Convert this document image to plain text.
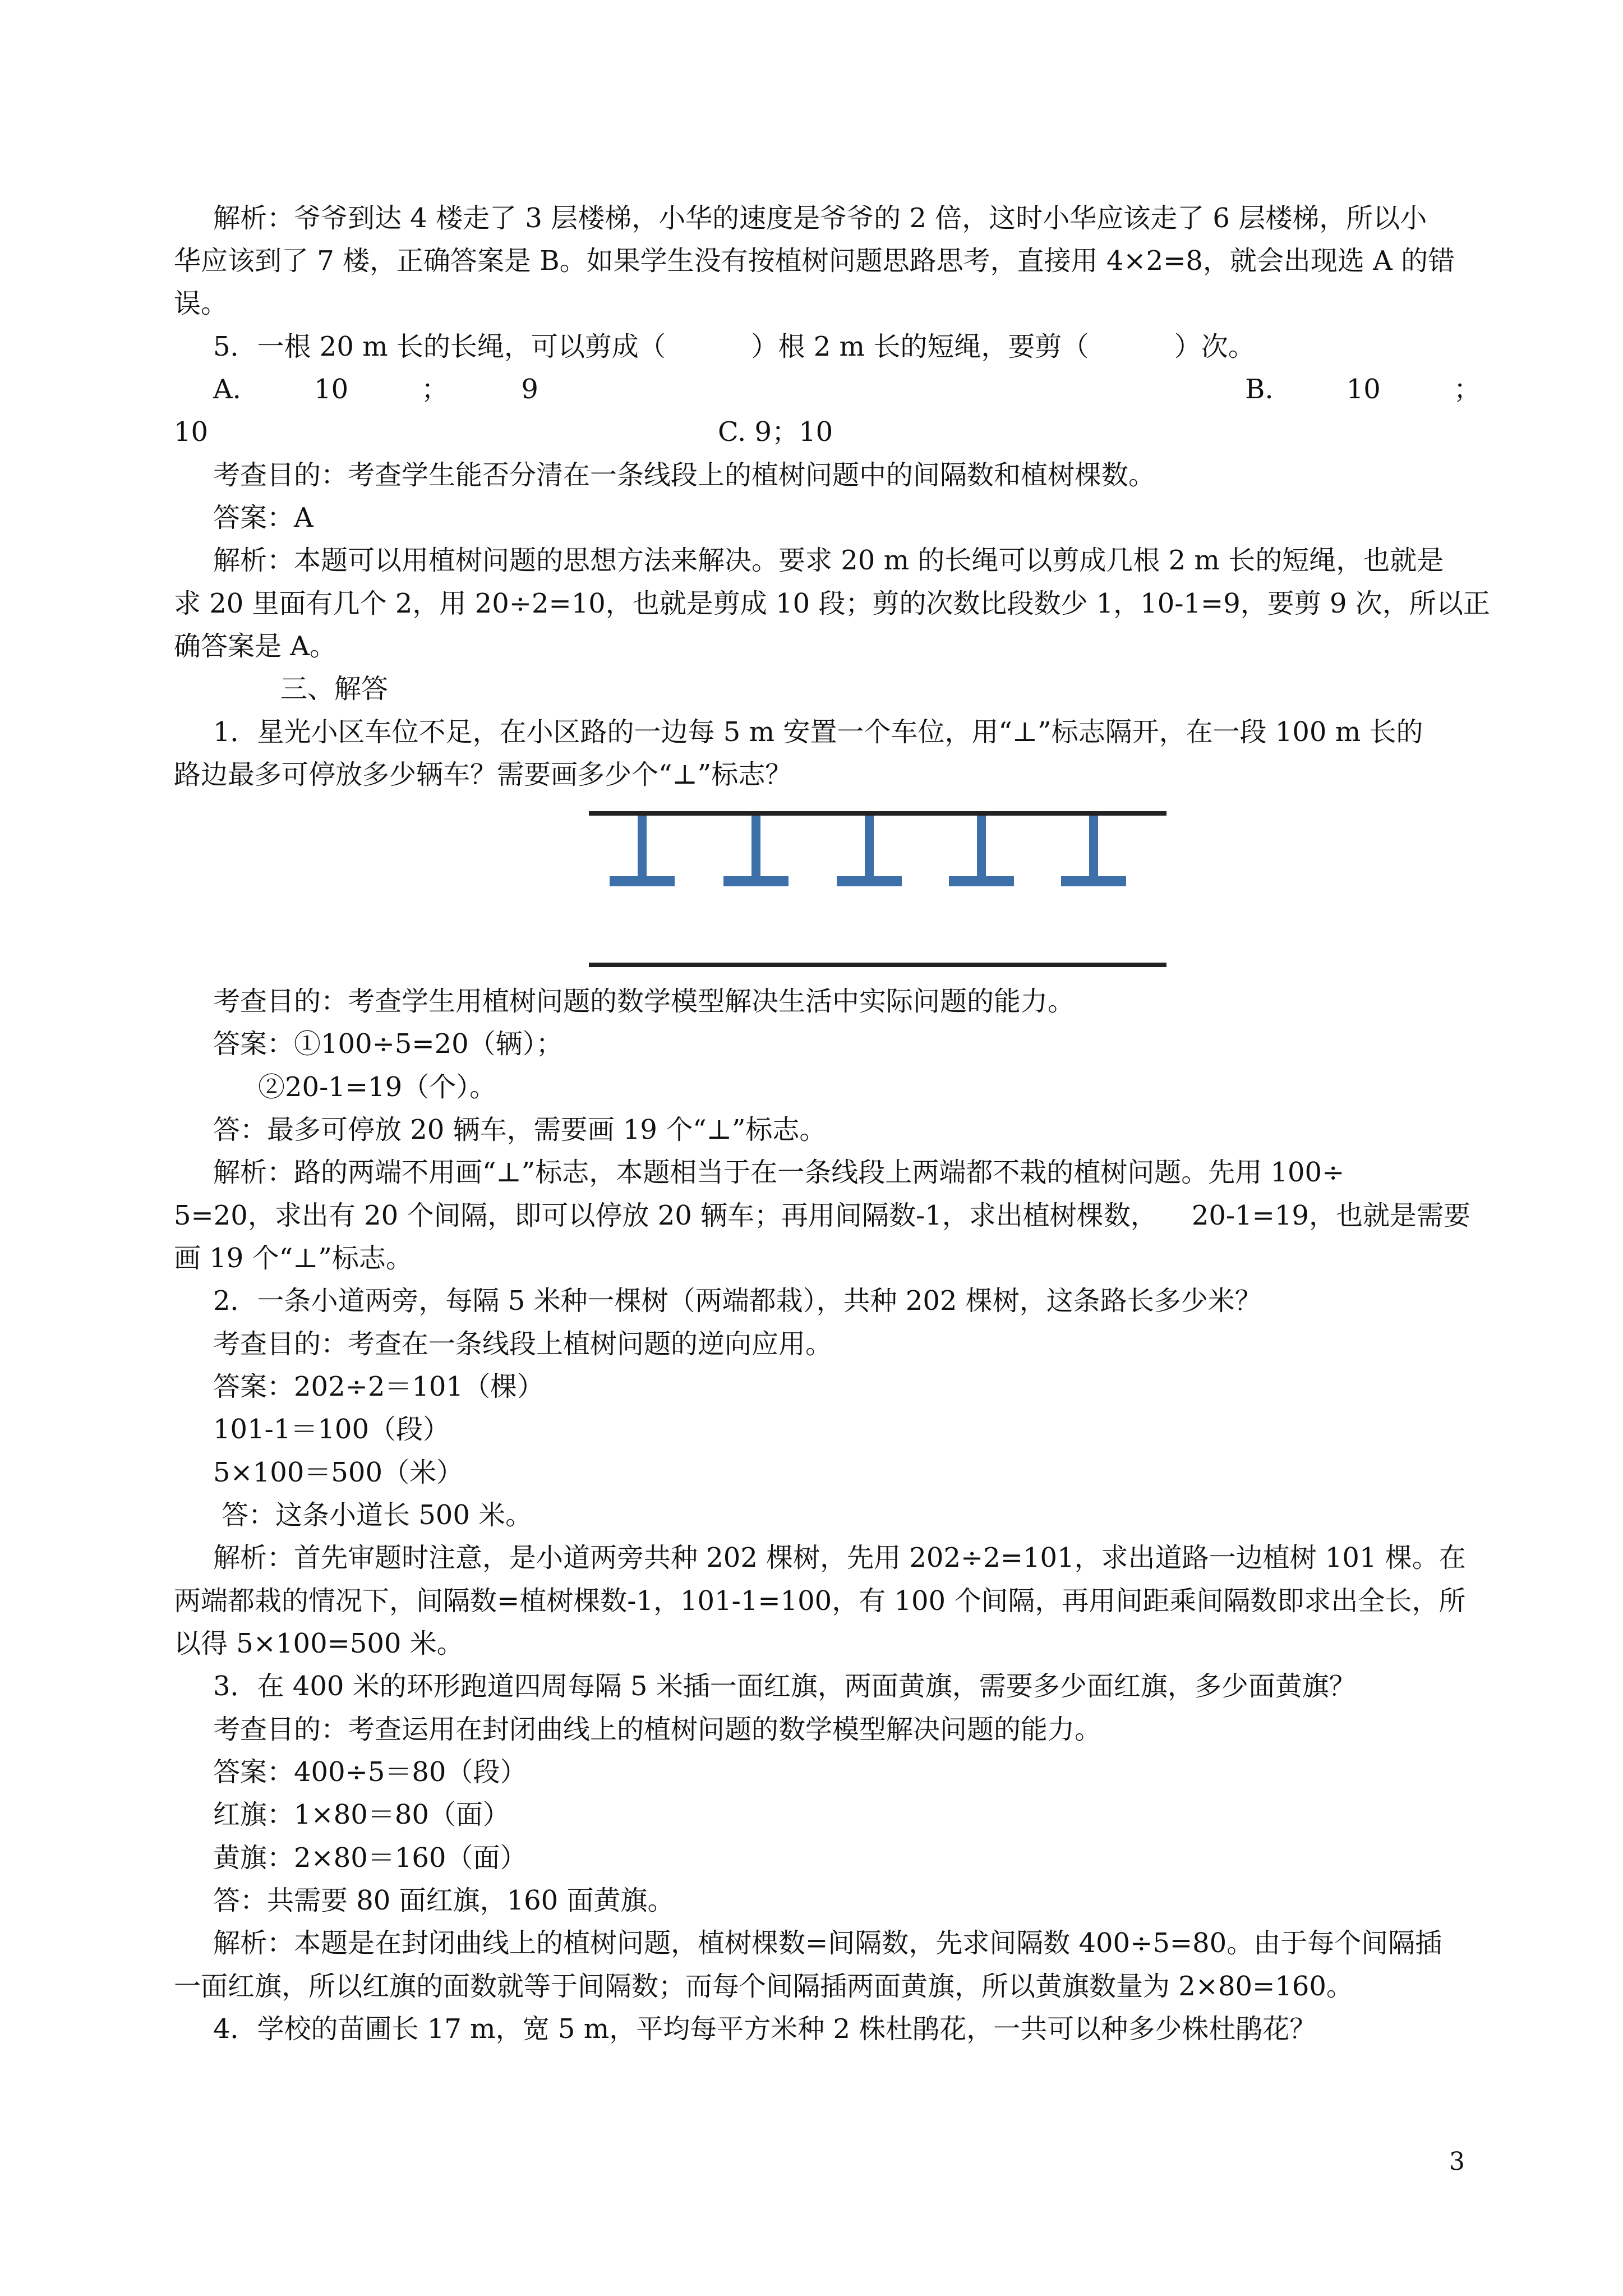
解析：爷爷到达 4 楼走了 3 层楼梯，小华的速度是爷爷的 2 倍，这时小华应该走了 6 层楼梯，所以小
华应该到了 7 楼，正确答案是 B。如果学生没有按植树问题思路思考，直接用 4×2=8，就会出现选 A 的错
误。
5．一根 20 m 长的长绳，可以剪成（          ）根 2 m 长的短绳，要剪（          ）次。
A.	10	；	9	B.	10	；
10	C. 9；10
考查目的：考查学生能否分清在一条线段上的植树问题中的间隔数和植树棵数。
答案：A
解析：本题可以用植树问题的思想方法来解决。要求 20 m 的长绳可以剪成几根 2 m 长的短绳，也就是
求 20 里面有几个 2，用 20÷2=10，也就是剪成 10 段；剪的次数比段数少 1，10-1=9，要剪 9 次，所以正
确答案是 A。
三、解答
1．星光小区车位不足，在小区路的一边每 5 m 安置一个车位，用“⊥”标志隔开，在一段 100 m 长的
路边最多可停放多少辆车？需要画多少个“⊥”标志？
考查目的：考查学生用植树问题的数学模型解决生活中实际问题的能力。
答案：①100÷5=20（辆）；
②20-1=19（个）。
答：最多可停放 20 辆车，需要画 19 个“⊥”标志。
解析：路的两端不用画“⊥”标志，本题相当于在一条线段上两端都不栽的植树问题。先用 100÷
5=20，求出有 20 个间隔，即可以停放 20 辆车；再用间隔数-1，求出植树棵数，    20-1=19，也就是需要
画 19 个“⊥”标志。
2．一条小道两旁，每隔 5 米种一棵树（两端都栽），共种 202 棵树，这条路长多少米？
考查目的：考查在一条线段上植树问题的逆向应用。
答案：202÷2＝101（棵）
101-1＝100（段）
5×100＝500（米）
答：这条小道长 500 米。
解析：首先审题时注意，是小道两旁共种 202 棵树，先用 202÷2=101，求出道路一边植树 101 棵。在
两端都栽的情况下，间隔数=植树棵数-1，101-1=100，有 100 个间隔，再用间距乘间隔数即求出全长，所
以得 5×100=500 米。
3．在 400 米的环形跑道四周每隔 5 米插一面红旗，两面黄旗，需要多少面红旗，多少面黄旗？
考查目的：考查运用在封闭曲线上的植树问题的数学模型解决问题的能力。
答案：400÷5＝80（段）
红旗：1×80＝80（面）
黄旗：2×80＝160（面）
答：共需要 80 面红旗，160 面黄旗。
解析：本题是在封闭曲线上的植树问题，植树棵数=间隔数，先求间隔数 400÷5=80。由于每个间隔插
一面红旗，所以红旗的面数就等于间隔数；而每个间隔插两面黄旗，所以黄旗数量为 2×80=160。
4．学校的苗圃长 17 m，宽 5 m，平均每平方米种 2 株杜鹃花，一共可以种多少株杜鹃花？
3
